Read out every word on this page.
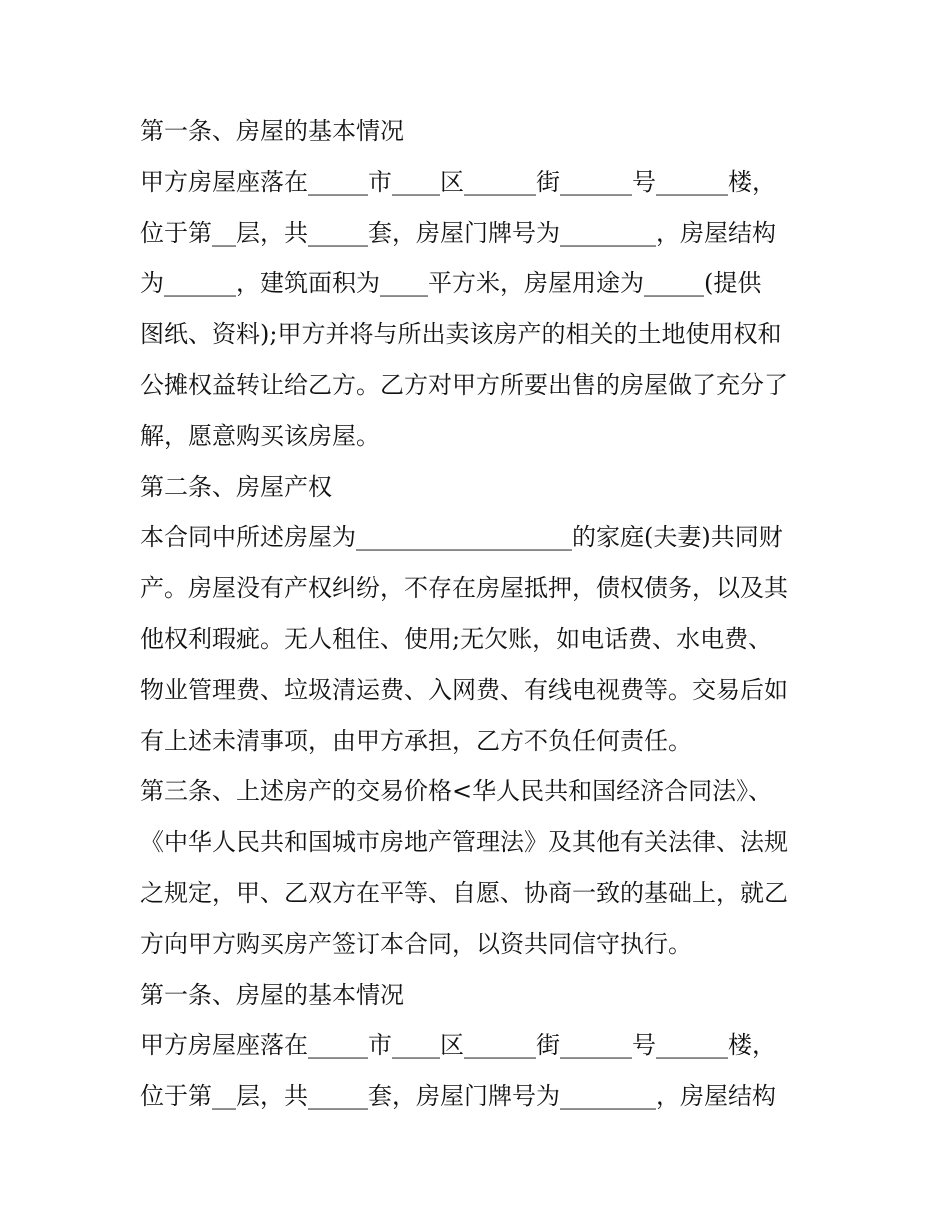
第一条、房屋的基本情况
甲方房屋座落在_____市____区______街______号______楼，
位于第__层，共_____套，房屋门牌号为________，房屋结构
为______，建筑面积为____平方米，房屋用途为_____(提供
图纸、资料);甲方并将与所出卖该房产的相关的土地使用权和
公摊权益转让给乙方。乙方对甲方所要出售的房屋做了充分了
解，愿意购买该房屋。
第二条、房屋产权
本合同中所述房屋为__________________的家庭(夫妻)共同财
产。房屋没有产权纠纷，不存在房屋抵押，债权债务，以及其
他权利瑕疵。无人租住、使用;无欠账，如电话费、水电费、
物业管理费、垃圾清运费、入网费、有线电视费等。交易后如
有上述未清事项，由甲方承担，乙方不负任何责任。
第三条、上述房产的交易价格<华人民共和国经济合同法》、
《中华人民共和国城市房地产管理法》及其他有关法律、法规
之规定，甲、乙双方在平等、自愿、协商一致的基础上，就乙
方向甲方购买房产签订本合同，以资共同信守执行。
第一条、房屋的基本情况
甲方房屋座落在_____市____区______街______号______楼，
位于第__层，共_____套，房屋门牌号为________，房屋结构
